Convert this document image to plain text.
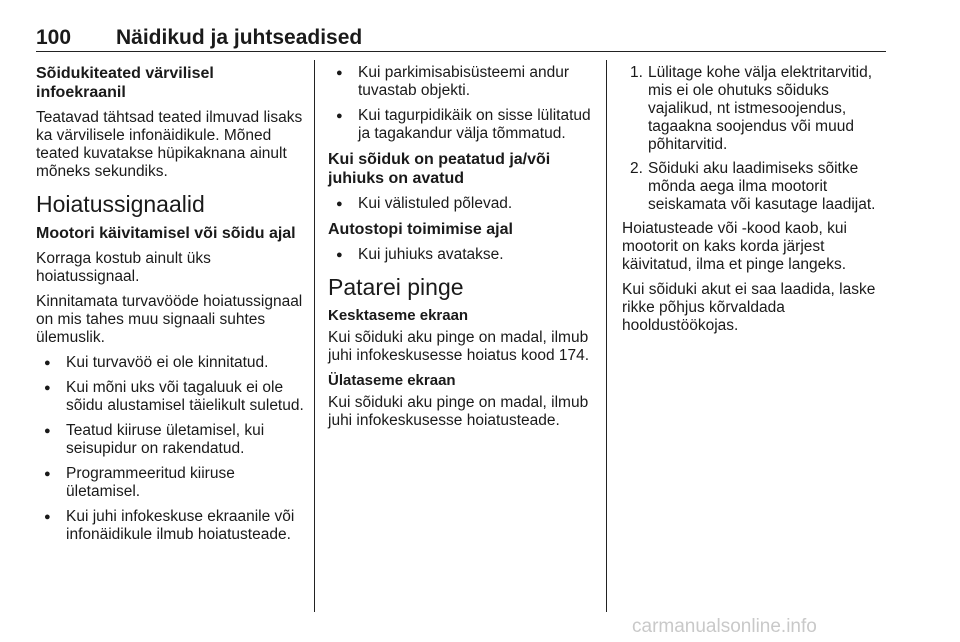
100 Näidikud ja juhtseadised
Sõidukiteated värvilisel infoekraanil

Teatavad tähtsad teated ilmuvad lisaks ka värvilisele infonäidikule. Mõned teated kuvatakse hüpikaknana ainult mõneks sekundiks.

Hoiatussignaalid
Mootori käivitamisel või sõidu ajal

Korraga kostub ainult üks hoiatussignaal.

Kinnitamata turvavööde hoiatussignaal on mis tahes muu signaali suhtes ülemuslik.

● Kui turvavöö ei ole kinnitatud.
● Kui mõni uks või tagaluuk ei ole sõidu alustamisel täielikult suletud.
● Teatud kiiruse ületamisel, kui seisupidur on rakendatud.
● Programmeeritud kiiruse ületamisel.
● Kui juhi infokeskuse ekraanile või infonäidikule ilmub hoiatusteade.
● Kui parkimisabisüsteemi andur tuvastab objekti.
● Kui tagurpidikäik on sisse lülitatud ja tagakandur välja tõmmatud.
Kui sõiduk on peatatud ja/või juhiuks on avatud
● Kui välistuled põlevad.
Autostopi toimimise ajal
● Kui juhiuks avatakse.
Patarei pinge
Kesktaseme ekraan

Kui sõiduki aku pinge on madal, ilmub juhi infokeskusesse hoiatus kood 174.

Ülataseme ekraan

Kui sõiduki aku pinge on madal, ilmub juhi infokeskusesse hoiatusteade.

1. Lülitage kohe välja elektritarvitid, mis ei ole ohutuks sõiduks vajalikud, nt istmesoojendus, tagaakna soojendus või muud põhitarvitid.
2. Sõiduki aku laadimiseks sõitke mõnda aega ilma mootorit seiskamata või kasutage laadijat.

Hoiatusteade või -kood kaob, kui mootorit on kaks korda järjest käivitatud, ilma et pinge langeks.

Kui sõiduki akut ei saa laadida, laske rikke põhjus kõrvaldada hooldustöökojas.

carmanualsonline.info
